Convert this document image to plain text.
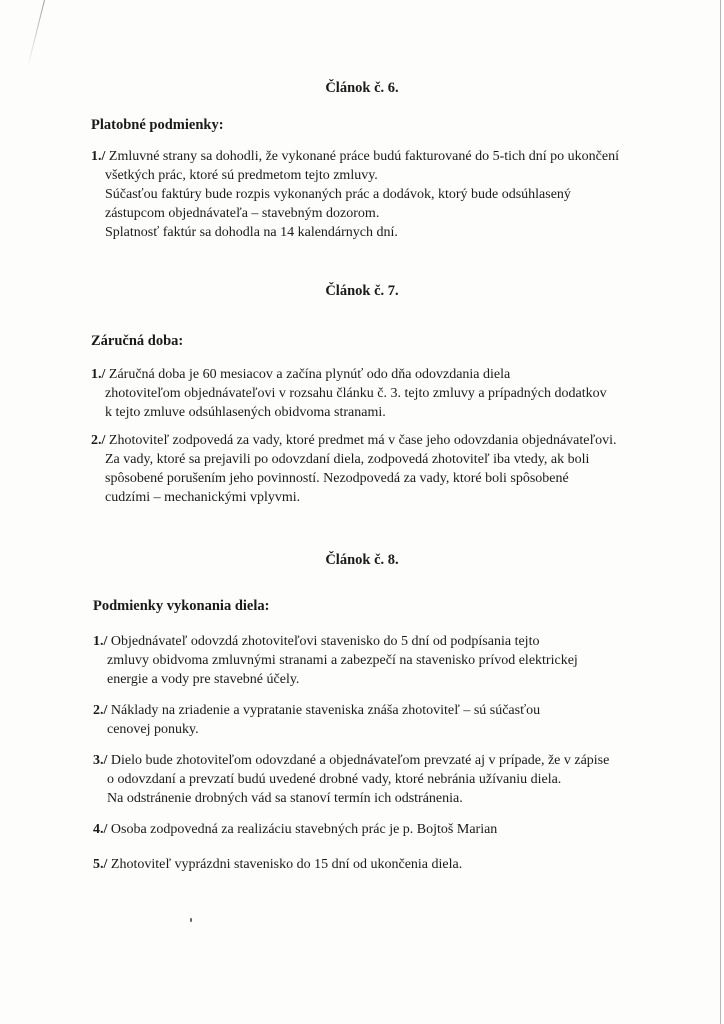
Článok č. 6.
Platobné podmienky:
1./ Zmluvné strany sa dohodli, že vykonané práce budú fakturované do 5-tich dní po ukončení
všetkých prác, ktoré sú predmetom tejto zmluvy.
Súčasťou faktúry bude rozpis vykonaných prác a dodávok, ktorý bude odsúhlasený
zástupcom objednávateľa – stavebným dozorom.
Splatnosť faktúr sa dohodla na 14 kalendárnych dní.
Článok č. 7.
Záručná doba:
1./ Záručná doba je 60 mesiacov a začína plynúť odo dňa odovzdania diela
zhotoviteľom objednávateľovi v rozsahu článku č. 3. tejto zmluvy a prípadných dodatkov
k tejto zmluve odsúhlasených obidvoma stranami.
2./ Zhotoviteľ zodpovedá za vady, ktoré predmet má v čase jeho odovzdania objednávateľovi.
Za vady, ktoré sa prejavili po odovzdaní diela, zodpovedá zhotoviteľ iba vtedy, ak boli
spôsobené porušením jeho povinností. Nezodpovedá za vady, ktoré boli spôsobené
cudzími – mechanickými vplyvmi.
Článok č. 8.
Podmienky vykonania diela:
1./ Objednávateľ odovzdá zhotoviteľovi stavenisko do 5 dní od podpísania tejto
zmluvy obidvoma zmluvnými stranami a zabezpečí na stavenisko prívod elektrickej
energie a vody pre stavebné účely.
2./ Náklady na zriadenie a vypratanie staveniska znáša zhotoviteľ – sú súčasťou
cenovej ponuky.
3./ Dielo bude zhotoviteľom odovzdané a objednávateľom prevzaté aj v prípade, že v zápise
o odovzdaní a prevzatí budú uvedené drobné vady, ktoré nebránia užívaniu diela.
Na odstránenie drobných vád sa stanoví termín ich odstránenia.
4./ Osoba zodpovedná za realizáciu stavebných prác je p. Bojtoš Marian
5./ Zhotoviteľ vyprázdni stavenisko do 15 dní od ukončenia diela.
